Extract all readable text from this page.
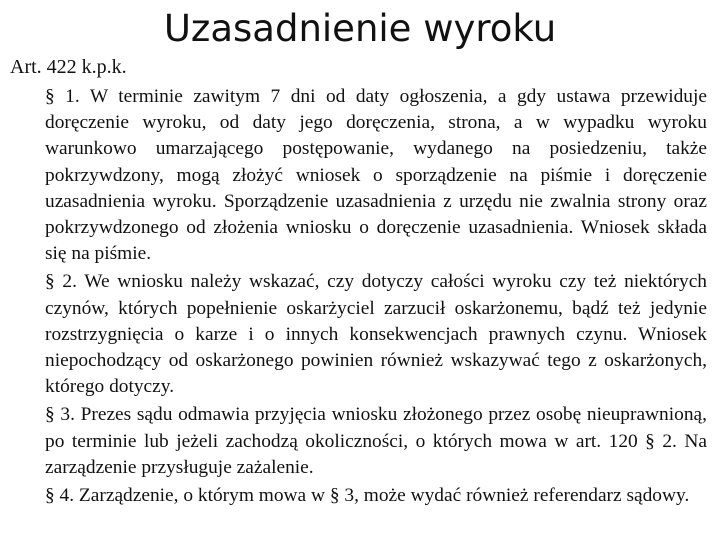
Uzasadnienie wyroku
Art. 422 k.p.k.

§ 1. W terminie zawitym 7 dni od daty ogłoszenia, a gdy ustawa przewiduje doręczenie wyroku, od daty jego doręczenia, strona, a w wypadku wyroku warunkowo umarzającego postępowanie, wydanego na posiedzeniu, także pokrzywdzony, mogą złożyć wniosek o sporządzenie na piśmie i doręczenie uzasadnienia wyroku. Sporządzenie uzasadnienia z urzędu nie zwalnia strony oraz pokrzywdzonego od złożenia wniosku o doręczenie uzasadnienia. Wniosek składa się na piśmie.

§ 2. We wniosku należy wskazać, czy dotyczy całości wyroku czy też niektórych czynów, których popełnienie oskarżyciel zarzucił oskarżonemu, bądź też jedynie rozstrzygnięcia o karze i o innych konsekwencjach prawnych czynu. Wniosek niepochodzący od oskarżonego powinien również wskazywać tego z oskarżonych, którego dotyczy.

§ 3. Prezes sądu odmawia przyjęcia wniosku złożonego przez osobę nieuprawnioną, po terminie lub jeżeli zachodzą okoliczności, o których mowa w art. 120 § 2. Na zarządzenie przysługuje zażalenie.

§ 4. Zarządzenie, o którym mowa w § 3, może wydać również referendarz sądowy.
